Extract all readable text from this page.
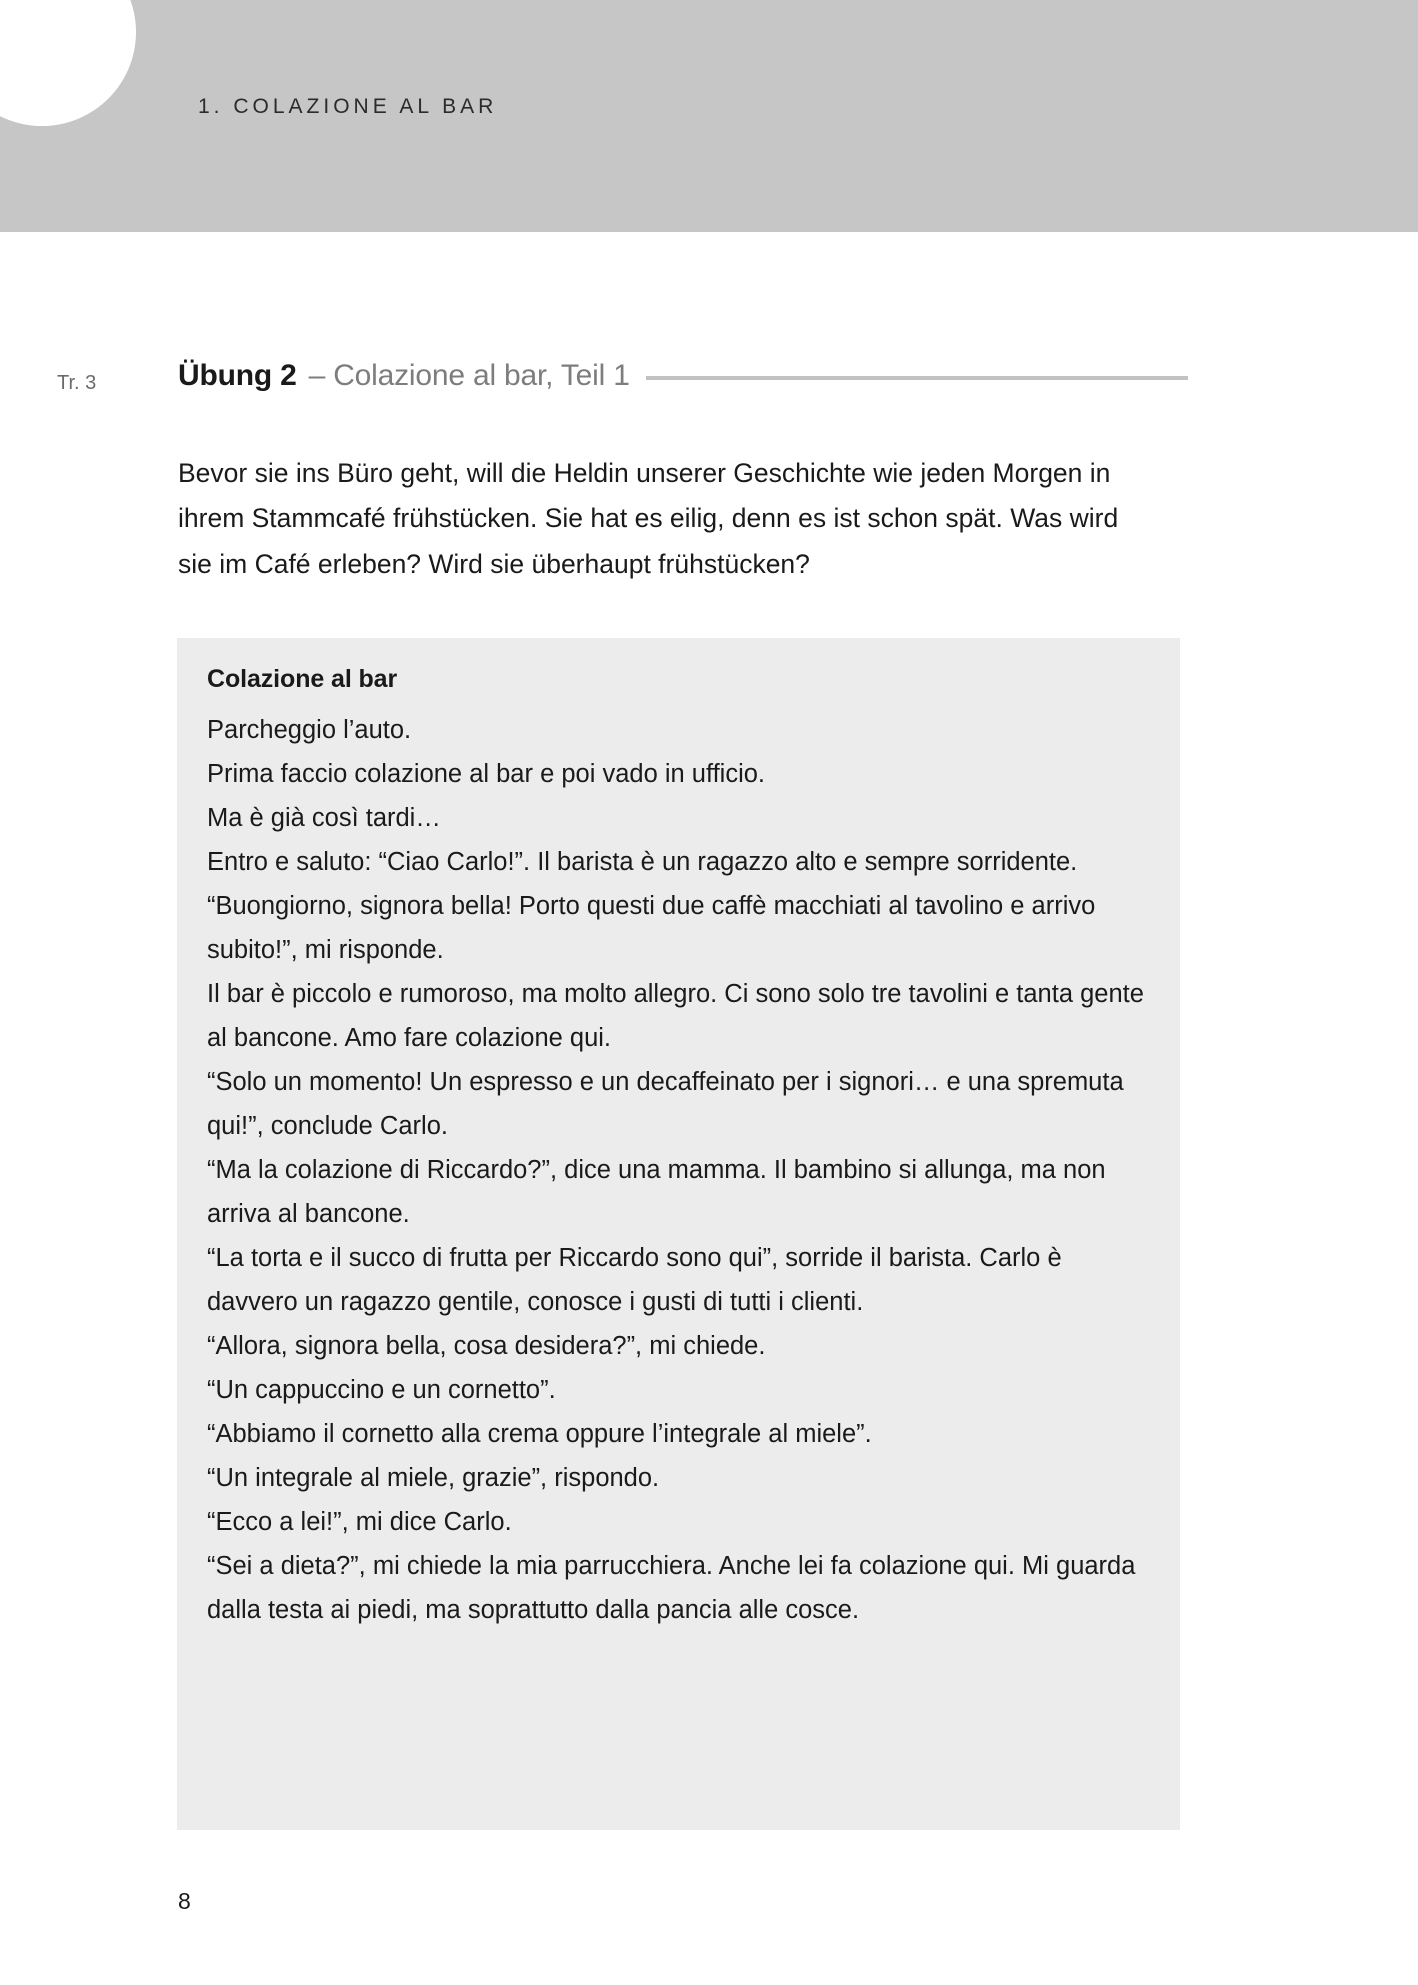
1. COLAZIONE AL BAR
Tr. 3	Übung 2 – Colazione al bar, Teil 1

Bevor sie ins Büro geht, will die Heldin unserer Geschichte wie jeden Morgen in ihrem Stammcafé frühstücken. Sie hat es eilig, denn es ist schon spät. Was wird sie im Café erleben? Wird sie überhaupt frühstücken?

Colazione al bar
Parcheggio l’auto.
Prima faccio colazione al bar e poi vado in ufficio.
Ma è già così tardi…
Entro e saluto: “Ciao Carlo!”. Il barista è un ragazzo alto e sempre sorridente.
“Buongiorno, signora bella! Porto questi due caffè macchiati al tavolino e arrivo subito!”, mi risponde.
Il bar è piccolo e rumoroso, ma molto allegro. Ci sono solo tre tavolini e tanta gente al bancone. Amo fare colazione qui.
“Solo un momento! Un espresso e un decaffeinato per i signori… e una spremuta qui!”, conclude Carlo.
“Ma la colazione di Riccardo?”, dice una mamma. Il bambino si allunga, ma non arriva al bancone.
“La torta e il succo di frutta per Riccardo sono qui”, sorride il barista. Carlo è davvero un ragazzo gentile, conosce i gusti di tutti i clienti.
“Allora, signora bella, cosa desidera?”, mi chiede.
“Un cappuccino e un cornetto”.
“Abbiamo il cornetto alla crema oppure l’integrale al miele”.
“Un integrale al miele, grazie”, rispondo.
“Ecco a lei!”, mi dice Carlo.
“Sei a dieta?”, mi chiede la mia parrucchiera. Anche lei fa colazione qui. Mi guarda dalla testa ai piedi, ma soprattutto dalla pancia alle cosce.
8
